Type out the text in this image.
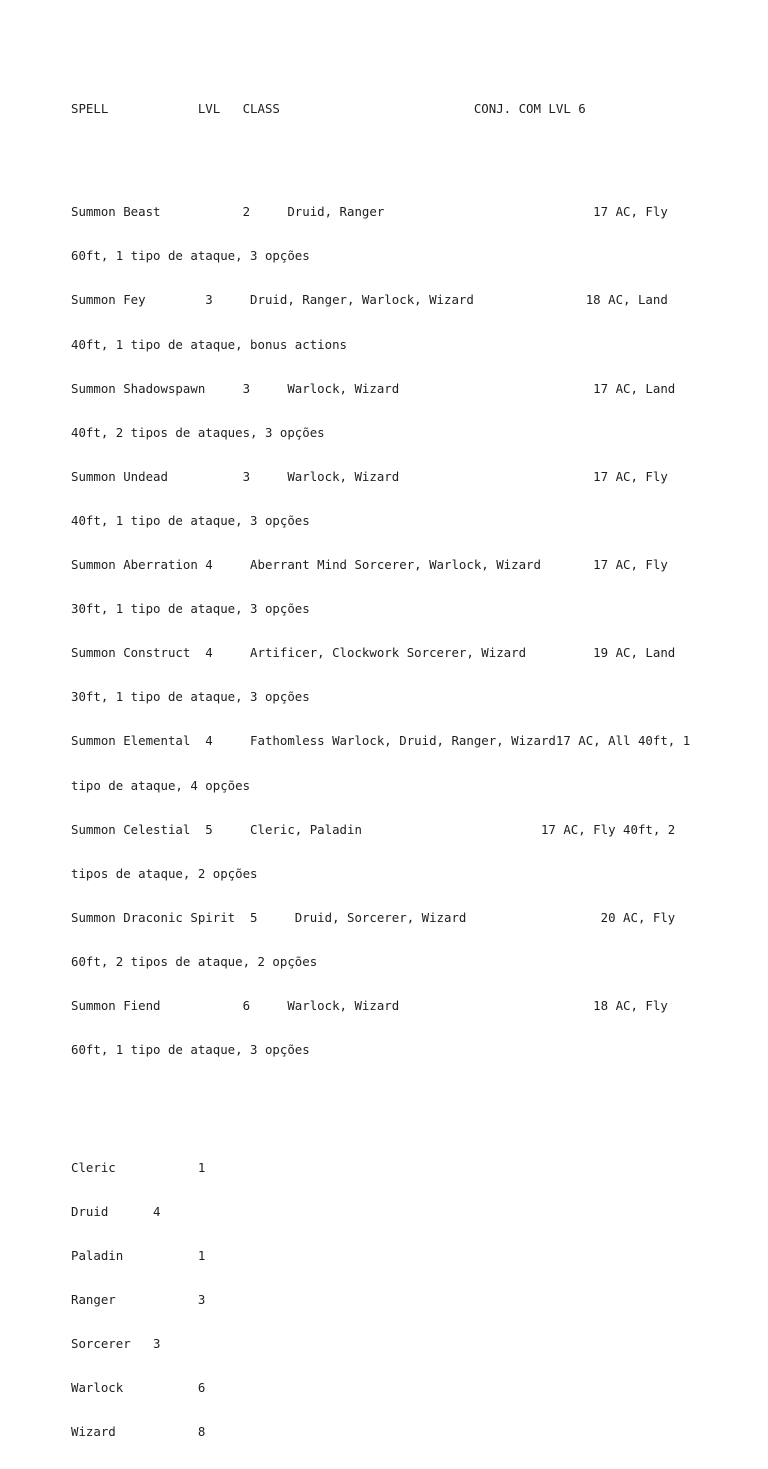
SPELL            LVL   CLASS                          CONJ. COM LVL 6

Summon Beast           2     Druid, Ranger                            17 AC, Fly

60ft, 1 tipo de ataque, 3 opções

Summon Fey        3     Druid, Ranger, Warlock, Wizard               18 AC, Land

40ft, 1 tipo de ataque, bonus actions

Summon Shadowspawn     3     Warlock, Wizard                          17 AC, Land

40ft, 2 tipos de ataques, 3 opções

Summon Undead          3     Warlock, Wizard                          17 AC, Fly

40ft, 1 tipo de ataque, 3 opções

Summon Aberration 4     Aberrant Mind Sorcerer, Warlock, Wizard       17 AC, Fly

30ft, 1 tipo de ataque, 3 opções

Summon Construct  4     Artificer, Clockwork Sorcerer, Wizard         19 AC, Land

30ft, 1 tipo de ataque, 3 opções

Summon Elemental  4     Fathomless Warlock, Druid, Ranger, Wizard17 AC, All 40ft, 1

tipo de ataque, 4 opções

Summon Celestial  5     Cleric, Paladin                        17 AC, Fly 40ft, 2

tipos de ataque, 2 opções

Summon Draconic Spirit  5     Druid, Sorcerer, Wizard                  20 AC, Fly

60ft, 2 tipos de ataque, 2 opções

Summon Fiend           6     Warlock, Wizard                          18 AC, Fly

60ft, 1 tipo de ataque, 3 opções

Cleric           1

Druid      4

Paladin          1

Ranger           3

Sorcerer   3

Warlock          6

Wizard           8
